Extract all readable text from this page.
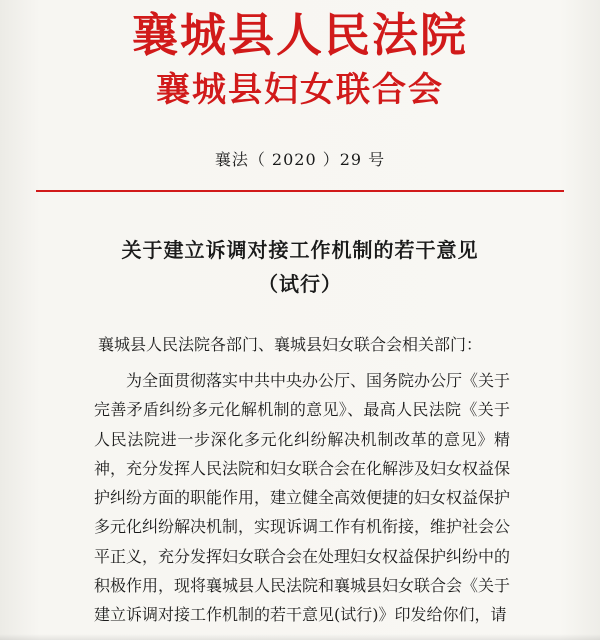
襄城县人民法院
襄城县妇女联合会
襄法（ 2020 ）29 号
关于建立诉调对接工作机制的若干意见
（试行）
襄城县人民法院各部门、襄城县妇女联合会相关部门：

为全面贯彻落实中共中央办公厅、国务院办公厅《关于完善矛盾纠纷多元化解机制的意见》、最高人民法院《关于人民法院进一步深化多元化纠纷解决机制改革的意见》精神，充分发挥人民法院和妇女联合会在化解涉及妇女权益保护纠纷方面的职能作用，建立健全高效便捷的妇女权益保护多元化纠纷解决机制，实现诉调工作有机衔接，维护社会公平正义，充分发挥妇女联合会在处理妇女权益保护纠纷中的积极作用，现将襄城县人民法院和襄城县妇女联合会《关于建立诉调对接工作机制的若干意见(试行)》印发给你们，请
